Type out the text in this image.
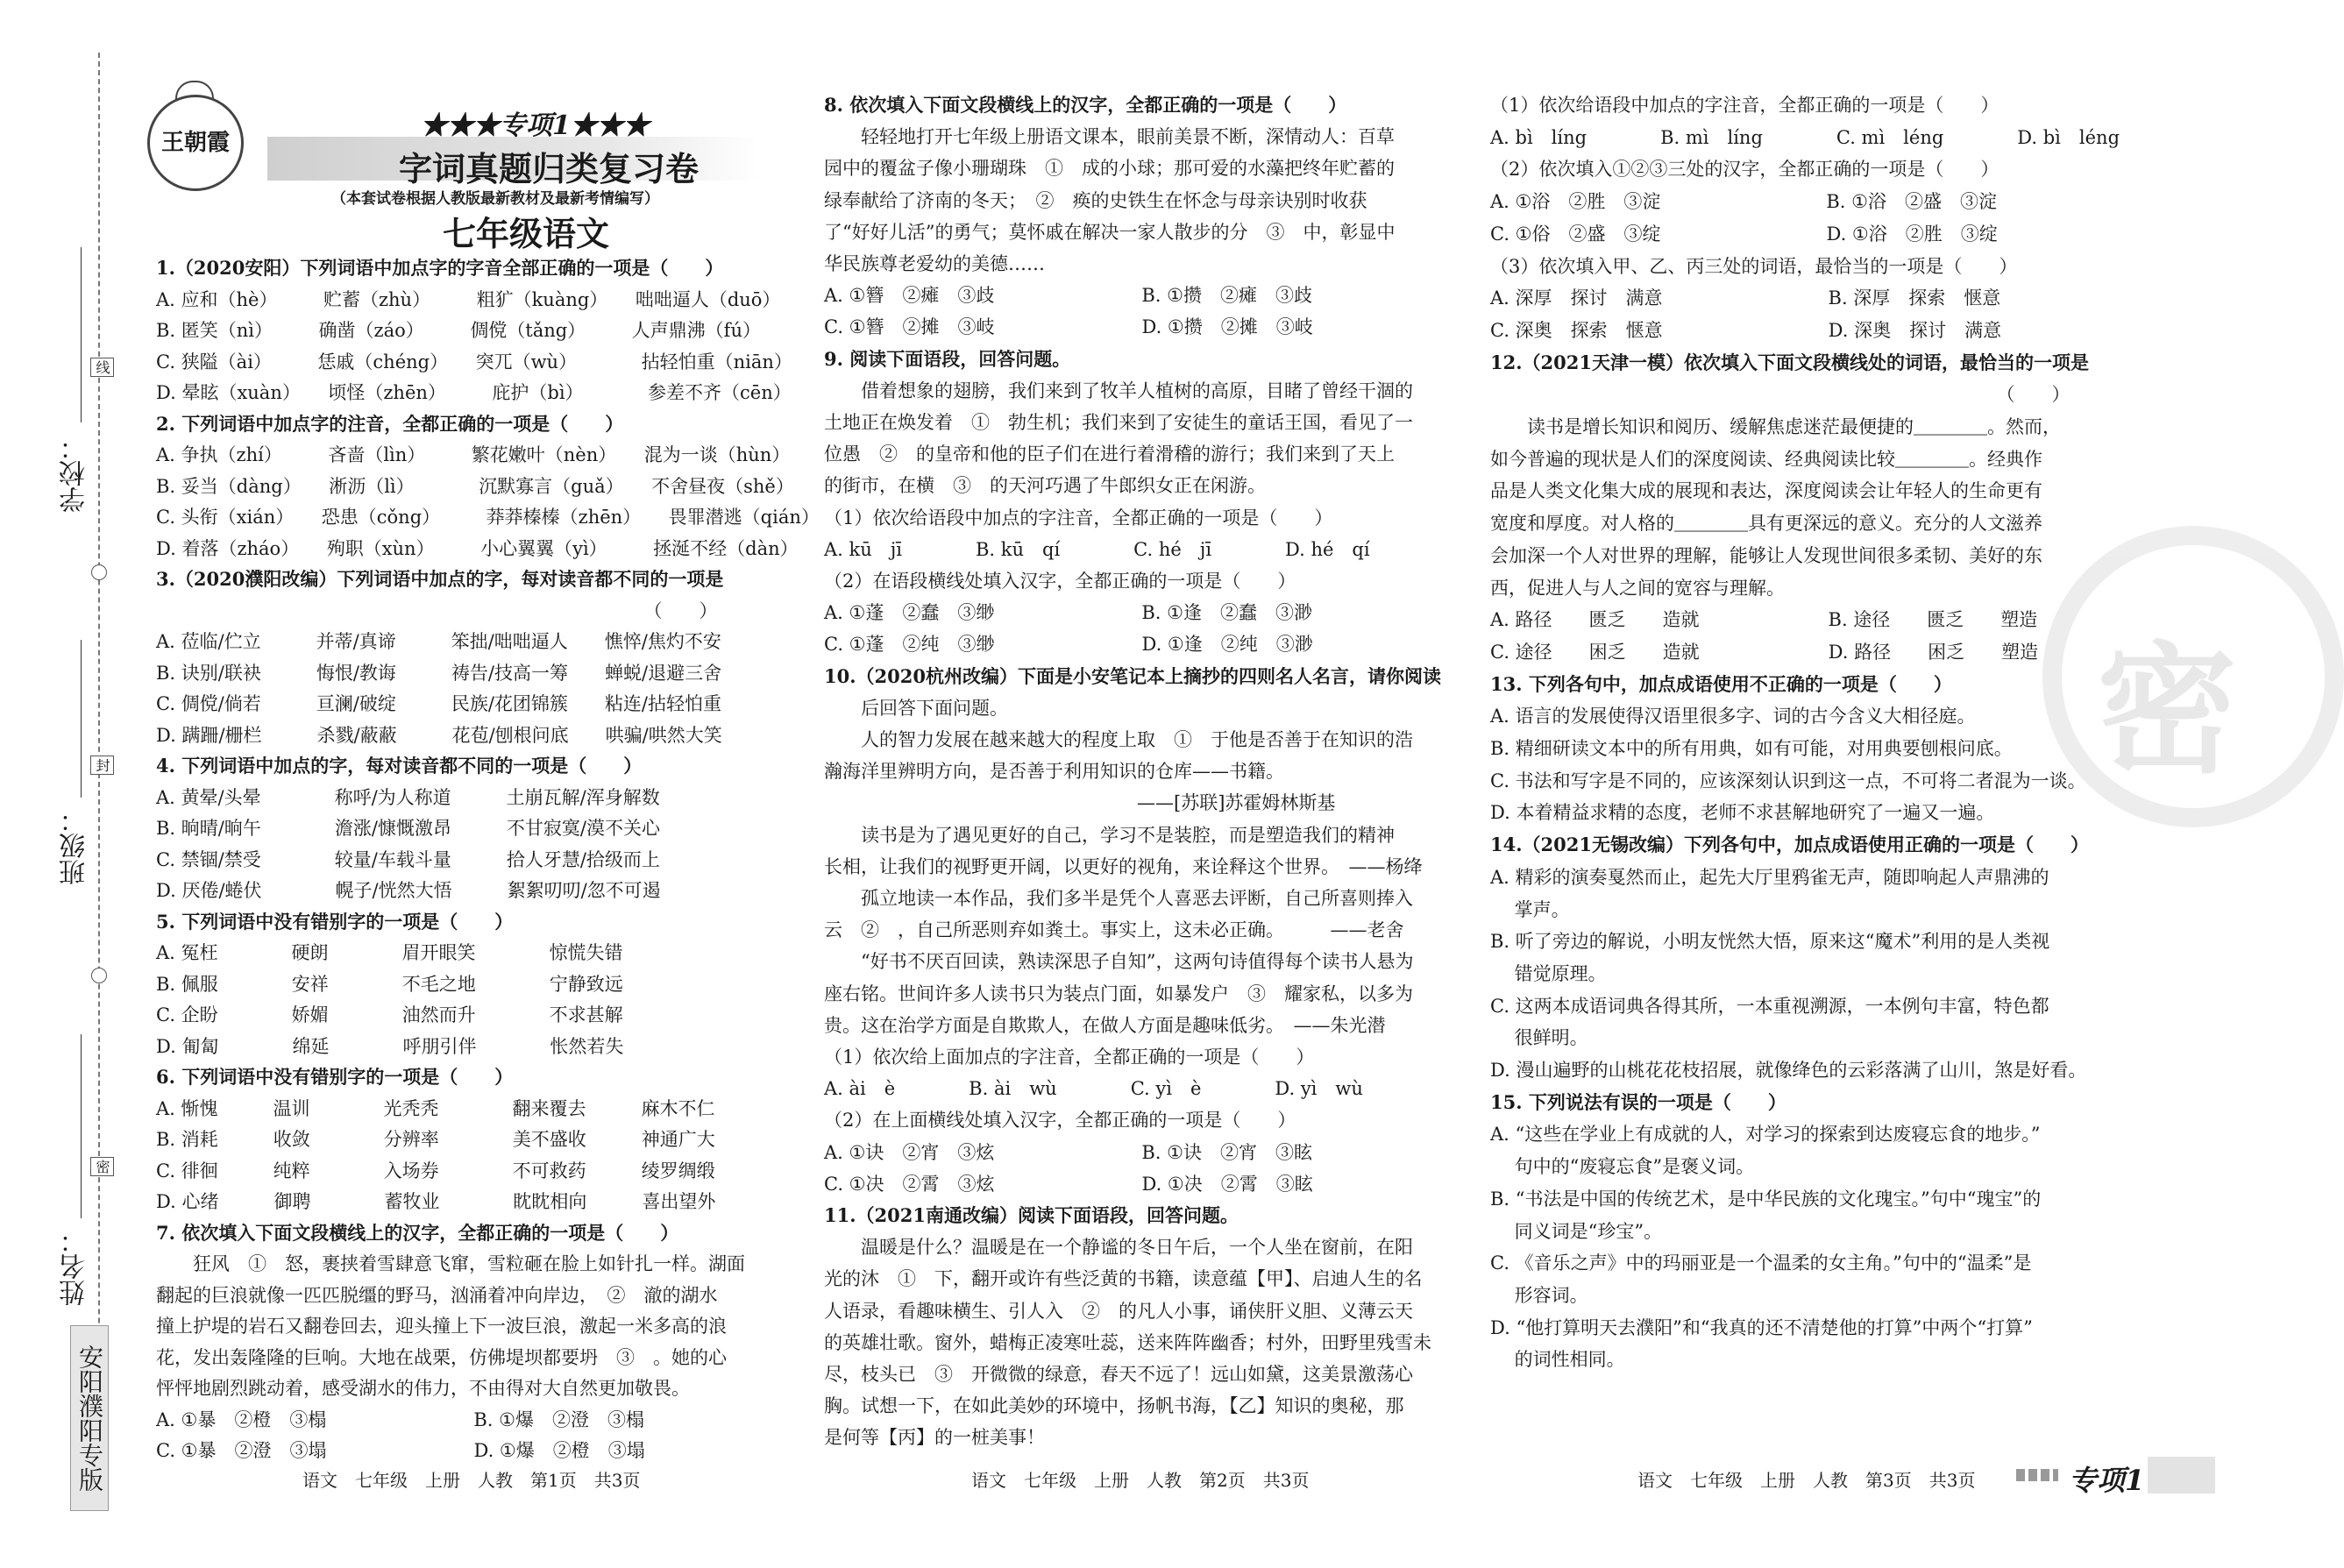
学校：
班级：
姓名：
线
封
密
安阳濮阳专版
王朝霞
★★★专项1★★★
字词真题归类复习卷
（本套试卷根据人教版最新教材及最新考情编写）
七年级语文
密
1.（2020安阳）下列词语中加点字的字音全部正确的一项是（　　）
A. 应和（hè）　　　贮蓄（zhù）　　　粗犷（kuàng）　　咄咄逼人（duō）
B. 匿笑（nì）　　　确凿（záo）　　　倜傥（tǎng）　　　人声鼎沸（fú）
C. 狭隘（ài）　　　恁戚（chéng）　　突兀（wù）　　　　拈轻怕重（niān）
D. 晕眩（xuàn）　　顷怪（zhēn）　　　庇护（bì）　　　　参差不齐（cēn）
2. 下列词语中加点字的注音，全都正确的一项是（　　）
A. 争执（zhí）　　　吝啬（lìn）　　　繁花嫩叶（nèn）　　混为一谈（hùn）
B. 妥当（dàng）　　淅沥（lì）　　　　沉默寡言（guǎ）　　不舍昼夜（shě）
C. 头衔（xián）　　恐患（cǒng）　　　莽莽榛榛（zhēn）　　畏罪潜逃（qián）
D. 着落（zháo）　　殉职（xùn）　　　小心翼翼（yì）　　　拯涎不经（dàn）
3.（2020濮阳改编）下列词语中加点的字，每对读音都不同的一项是
　　　　　　　　　　　　　　　　　　　　　　　　　　　（　　）
A. 莅临/伫立　　　并蒂/真谛　　　笨拙/咄咄逼人　　憔悴/焦灼不安
B. 诀别/联袂　　　悔恨/教诲　　　祷告/技高一筹　　蝉蜕/退避三舍
C. 倜傥/倘若　　　亘澜/破绽　　　民族/花团锦簇　　粘连/拈轻怕重
D. 蹒跚/栅栏　　　杀戮/蔽蔽　　　花苞/刨根问底　　哄骗/哄然大笑
4. 下列词语中加点的字，每对读音都不同的一项是（　　）
A. 黄晕/头晕　　　　称呼/为人称道　　　土崩瓦解/浑身解数
B. 晌晴/晌午　　　　澹涨/慷慨激昂　　　不甘寂寞/漠不关心
C. 禁锢/禁受　　　　较量/车载斗量　　　拾人牙慧/拾级而上
D. 厌倦/蜷伏　　　　幌子/恍然大悟　　　絮絮叨叨/忽不可遏
5. 下列词语中没有错别字的一项是（　　）
A. 冤枉　　　　硬朗　　　　眉开眼笑　　　　惊慌失错
B. 佩服　　　　安祥　　　　不毛之地　　　　宁静致远
C. 企盼　　　　娇媚　　　　油然而升　　　　不求甚解
D. 匍匐　　　　绵延　　　　呼朋引伴　　　　怅然若失
6. 下列词语中没有错别字的一项是（　　）
A. 惭愧　　　温训　　　　光秃秃　　　　翻来覆去　　　麻木不仁
B. 消耗　　　收敛　　　　分辨率　　　　美不盛收　　　神通广大
C. 徘徊　　　纯粹　　　　入场券　　　　不可救药　　　绫罗绸缎
D. 心绪　　　御聘　　　　蓄牧业　　　　眈眈相向　　　喜出望外
7. 依次填入下面文段横线上的汉字，全都正确的一项是（　　）
　　狂风　①　怒，裹挟着雪肆意飞窜，雪粒砸在脸上如针扎一样。湖面
翻起的巨浪就像一匹匹脱缰的野马，汹涌着冲向岸边，　②　澈的湖水
撞上护堤的岩石又翻卷回去，迎头撞上下一波巨浪，激起一米多高的浪
花，发出轰隆隆的巨响。大地在战栗，仿佛堤坝都要坍　③　。她的心
怦怦地剧烈跳动着，感受湖水的伟力，不由得对大自然更加敬畏。
A. ①暴　②橙　③榻　　　　　　　　B. ①爆　②澄　③榻
C. ①暴　②澄　③塌　　　　　　　　D. ①爆　②橙　③塌
8. 依次填入下面文段横线上的汉字，全都正确的一项是（　　）
　　轻轻地打开七年级上册语文课本，眼前美景不断，深情动人：百草
园中的覆盆子像小珊瑚珠　①　成的小球；那可爱的水藻把终年贮蓄的
绿奉献给了济南的冬天；　②　痪的史铁生在怀念与母亲诀别时收获
了“好好儿活”的勇气；莫怀戚在解决一家人散步的分　③　中，彰显中
华民族尊老爱幼的美德……
A. ①簪　②瘫　③歧　　　　　　　　B. ①攒　②瘫　③歧
C. ①簪　②摊　③岐　　　　　　　　D. ①攒　②摊　③岐
9. 阅读下面语段，回答问题。
　　借着想象的翅膀，我们来到了牧羊人植树的高原，目睹了曾经干涸的
土地正在焕发着　①　勃生机；我们来到了安徒生的童话王国，看见了一
位愚　②　的皇帝和他的臣子们在进行着滑稽的游行；我们来到了天上
的街市，在横　③　的天河巧遇了牛郎织女正在闲游。
（1）依次给语段中加点的字注音，全都正确的一项是（　　）
A. kū　jī　　　　B. kū　qí　　　　C. hé　jī　　　　D. hé　qí
（2）在语段横线处填入汉字，全都正确的一项是（　　）
A. ①蓬　②蠢　③缈　　　　　　　　B. ①逢　②蠢　③渺
C. ①蓬　②纯　③缈　　　　　　　　D. ①逢　②纯　③渺
10.（2020杭州改编）下面是小安笔记本上摘抄的四则名人名言，请你阅读
　　后回答下面问题。
　　人的智力发展在越来越大的程度上取　①　于他是否善于在知识的浩
瀚海洋里辨明方向，是否善于利用知识的仓库——书籍。
　　　　　　　　　　　　　　　　　——[苏联]苏霍姆林斯基
　　读书是为了遇见更好的自己，学习不是装腔，而是塑造我们的精神
长相，让我们的视野更开阔，以更好的视角，来诠释这个世界。　——杨绛
　　孤立地读一本作品，我们多半是凭个人喜恶去评断，自己所喜则捧入
云　②　，自己所恶则弃如粪土。事实上，这未必正确。　　　——老舍
　　“好书不厌百回读，熟读深思子自知”，这两句诗值得每个读书人悬为
座右铭。世间许多人读书只为装点门面，如暴发户　③　耀家私，以多为
贵。这在治学方面是自欺欺人，在做人方面是趣味低劣。　——朱光潜
（1）依次给上面加点的字注音，全都正确的一项是（　　）
A. ài　è　　　　B. ài　wù　　　　C. yì　è　　　　D. yì　wù
（2）在上面横线处填入汉字，全都正确的一项是（　　）
A. ①诀　②宵　③炫　　　　　　　　B. ①诀　②宵　③眩
C. ①决　②霄　③炫　　　　　　　　D. ①决　②霄　③眩
11.（2021南通改编）阅读下面语段，回答问题。
　　温暖是什么？温暖是在一个静谧的冬日午后，一个人坐在窗前，在阳
光的沐　①　下，翻开或许有些泛黄的书籍，读意蕴【甲】、启迪人生的名
人语录，看趣味横生、引人入　②　的凡人小事，诵侠肝义胆、义薄云天
的英雄壮歌。窗外，蜡梅正凌寒吐蕊，送来阵阵幽香；村外，田野里残雪未
尽，枝头已　③　开微微的绿意，春天不远了！远山如黛，这美景激荡心
胸。试想一下，在如此美妙的环境中，扬帆书海，【乙】知识的奥秘，那
是何等【丙】的一桩美事！
（1）依次给语段中加点的字注音，全都正确的一项是（　　）
A. bì　líng　　　　B. mì　líng　　　　C. mì　léng　　　　D. bì　léng
（2）依次填入①②③三处的汉字，全都正确的一项是（　　）
A. ①浴　②胜　③淀　　　　　　　　　B. ①浴　②盛　③淀
C. ①俗　②盛　③绽　　　　　　　　　D. ①浴　②胜　③绽
（3）依次填入甲、乙、丙三处的词语，最恰当的一项是（　　）
A. 深厚　探讨　满意　　　　　　　　　B. 深厚　探索　惬意
C. 深奥　探索　惬意　　　　　　　　　D. 深奥　探讨　满意
12.（2021天津一模）依次填入下面文段横线处的词语，最恰当的一项是
　　　　　　　　　　　　　　　　　　　　　　　　　　　　（　　）
　　读书是增长知识和阅历、缓解焦虑迷茫最便捷的＿＿＿＿。然而，
如今普遍的现状是人们的深度阅读、经典阅读比较＿＿＿＿。经典作
品是人类文化集大成的展现和表达，深度阅读会让年轻人的生命更有
宽度和厚度。对人格的＿＿＿＿具有更深远的意义。充分的人文滋养
会加深一个人对世界的理解，能够让人发现世间很多柔韧、美好的东
西，促进人与人之间的宽容与理解。
A. 路径　　匮乏　　造就　　　　　　　B. 途径　　匮乏　　塑造
C. 途径　　困乏　　造就　　　　　　　D. 路径　　困乏　　塑造
13. 下列各句中，加点成语使用不正确的一项是（　　）
A. 语言的发展使得汉语里很多字、词的古今含义大相径庭。
B. 精细研读文本中的所有用典，如有可能，对用典要刨根问底。
C. 书法和写字是不同的，应该深刻认识到这一点，不可将二者混为一谈。
D. 本着精益求精的态度，老师不求甚解地研究了一遍又一遍。
14.（2021无锡改编）下列各句中，加点成语使用正确的一项是（　　）
A. 精彩的演奏戛然而止，起先大厅里鸦雀无声，随即响起人声鼎沸的
　 掌声。
B. 听了旁边的解说，小明友恍然大悟，原来这“魔术”利用的是人类视
　 错觉原理。
C. 这两本成语词典各得其所，一本重视溯源，一本例句丰富，特色都
　 很鲜明。
D. 漫山遍野的山桃花花枝招展，就像绛色的云彩落满了山川，煞是好看。
15. 下列说法有误的一项是（　　）
A. “这些在学业上有成就的人，对学习的探索到达废寝忘食的地步。”
　 句中的“废寝忘食”是褒义词。
B. “书法是中国的传统艺术，是中华民族的文化瑰宝。”句中“瑰宝”的
　 同义词是“珍宝”。
C. 《音乐之声》中的玛丽亚是一个温柔的女主角。”句中的“温柔”是
　 形容词。
D. “他打算明天去濮阳”和“我真的还不清楚他的打算”中两个“打算”
　 的词性相同。
语文　七年级　上册　人教　第1页　共3页	语文　七年级　上册　人教　第2页　共3页	语文　七年级　上册　人教　第3页　共3页	专项1
